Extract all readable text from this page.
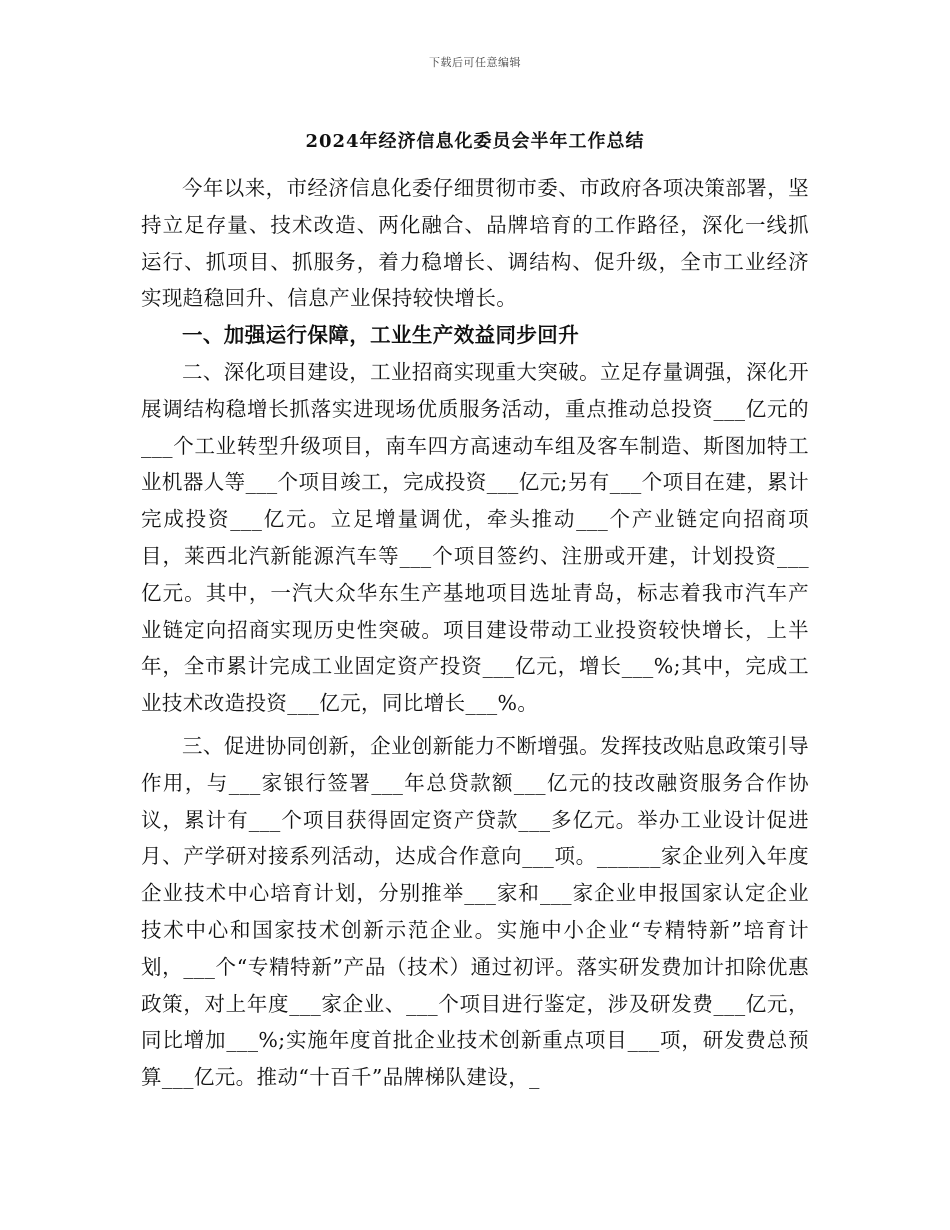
下载后可任意编辑
2024年经济信息化委员会半年工作总结

今年以来，市经济信息化委仔细贯彻市委、市政府各项决策部署，坚持立足存量、技术改造、两化融合、品牌培育的工作路径，深化一线抓运行、抓项目、抓服务，着力稳增长、调结构、促升级，全市工业经济实现趋稳回升、信息产业保持较快增长。

一、加强运行保障，工业生产效益同步回升

二、深化项目建设，工业招商实现重大突破。立足存量调强，深化开展调结构稳增长抓落实进现场优质服务活动，重点推动总投资___亿元的___个工业转型升级项目，南车四方高速动车组及客车制造、斯图加特工业机器人等___个项目竣工，完成投资___亿元;另有___个项目在建，累计完成投资___亿元。立足增量调优，牵头推动___个产业链定向招商项目，莱西北汽新能源汽车等___个项目签约、注册或开建，计划投资___亿元。其中，一汽大众华东生产基地项目选址青岛，标志着我市汽车产业链定向招商实现历史性突破。项目建设带动工业投资较快增长，上半年，全市累计完成工业固定资产投资___亿元，增长___%;其中，完成工业技术改造投资___亿元，同比增长___%。

三、促进协同创新，企业创新能力不断增强。发挥技改贴息政策引导作用，与___家银行签署___年总贷款额___亿元的技改融资服务合作协议，累计有___个项目获得固定资产贷款___多亿元。举办工业设计促进月、产学研对接系列活动，达成合作意向___项。______家企业列入年度企业技术中心培育计划，分别推举___家和___家企业申报国家认定企业技术中心和国家技术创新示范企业。实施中小企业“专精特新”培育计划，___个“专精特新”产品（技术）通过初评。落实研发费加计扣除优惠政策，对上年度___家企业、___个项目进行鉴定，涉及研发费___亿元，同比增加___%;实施年度首批企业技术创新重点项目___项，研发费总预算___亿元。推动“十百千”品牌梯队建设，_
